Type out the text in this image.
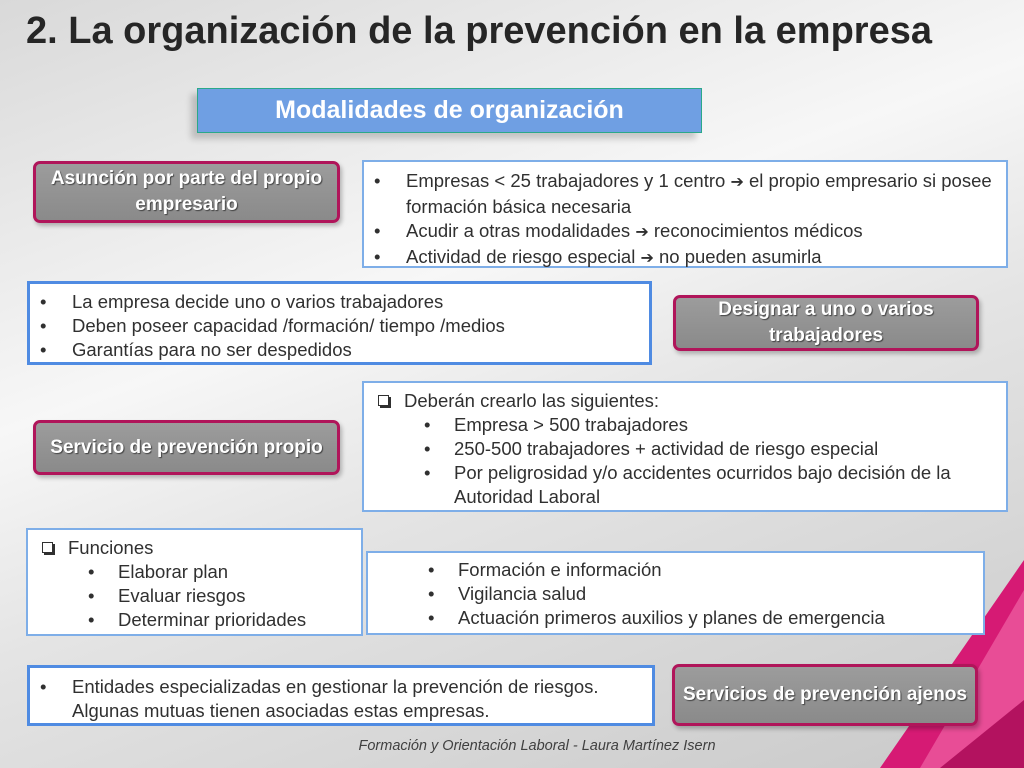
2. La organización de la prevención en la empresa
Modalidades de organización
Asunción por parte del propio empresario
• Empresas < 25 trabajadores y 1 centro ➔ el propio empresario si posee formación básica necesaria
• Acudir a otras modalidades ➔ reconocimientos médicos
• Actividad de riesgo especial ➔ no pueden asumirla
• La empresa decide uno o varios trabajadores
• Deben poseer capacidad /formación/ tiempo /medios
• Garantías para no ser despedidos
Designar a uno o varios trabajadores
Servicio de prevención propio
Deberán crearlo las siguientes:
• Empresa > 500 trabajadores
• 250-500 trabajadores + actividad de riesgo especial
• Por peligrosidad y/o accidentes ocurridos bajo decisión de la Autoridad Laboral
Funciones
• Elaborar plan
• Evaluar riesgos
• Determinar prioridades
• Formación e información
• Vigilancia salud
• Actuación primeros auxilios y planes de emergencia
• Entidades especializadas en gestionar la prevención de riesgos. Algunas mutuas tienen asociadas estas empresas.
Servicios de prevención ajenos
Formación y Orientación Laboral - Laura Martínez Isern
